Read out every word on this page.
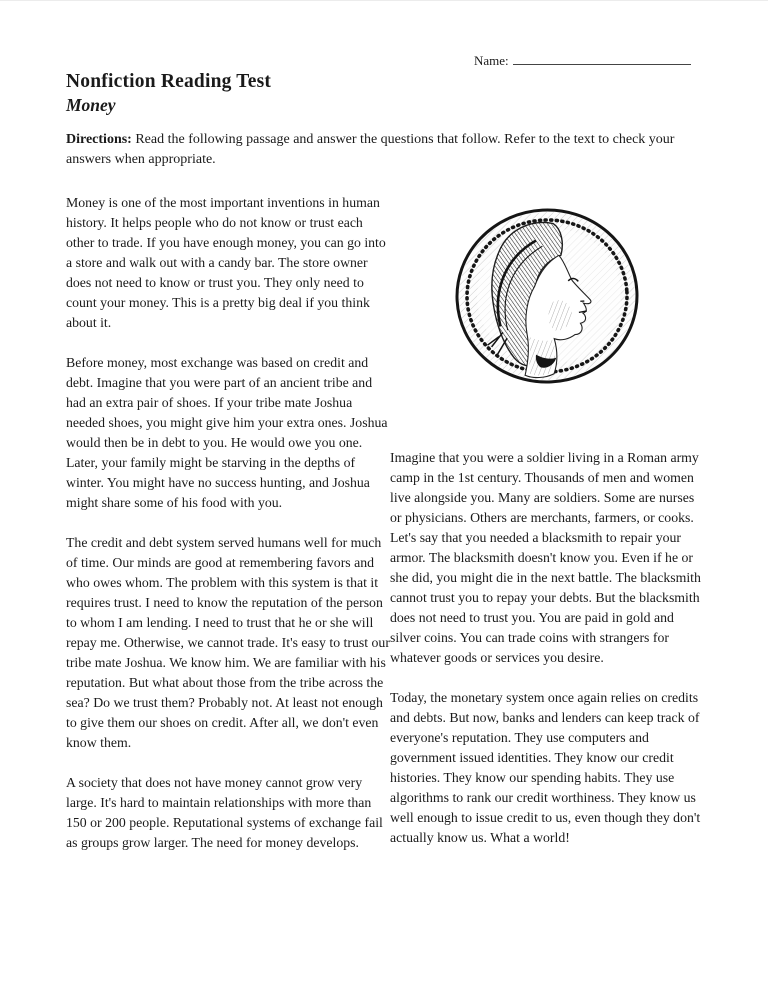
Name:
Nonfiction Reading Test
Money

Directions: Read the following passage and answer the questions that follow. Refer to the text to check your answers when appropriate.

Money is one of the most important inventions in human history. It helps people who do not know or trust each other to trade. If you have enough money, you can go into a store and walk out with a candy bar. The store owner does not need to know or trust you. They only need to count your money. This is a pretty big deal if you think about it.

Before money, most exchange was based on credit and debt. Imagine that you were part of an ancient tribe and had an extra pair of shoes. If your tribe mate Joshua needed shoes, you might give him your extra ones. Joshua would then be in debt to you. He would owe you one. Later, your family might be starving in the depths of winter. You might have no success hunting, and Joshua might share some of his food with you.

The credit and debt system served humans well for much of time. Our minds are good at remembering favors and who owes whom. The problem with this system is that it requires trust. I need to know the reputation of the person to whom I am lending. I need to trust that he or she will repay me. Otherwise, we cannot trade. It's easy to trust our tribe mate Joshua. We know him. We are familiar with his reputation. But what about those from the tribe across the sea? Do we trust them? Probably not. At least not enough to give them our shoes on credit. After all, we don't even know them.

A society that does not have money cannot grow very large. It's hard to maintain relationships with more than 150 or 200 people. Reputational systems of exchange fail as groups grow larger. The need for money develops.

Imagine that you were a soldier living in a Roman army camp in the 1st century. Thousands of men and women live alongside you. Many are soldiers. Some are nurses or physicians. Others are merchants, farmers, or cooks. Let's say that you needed a blacksmith to repair your armor. The blacksmith doesn't know you. Even if he or she did, you might die in the next battle. The blacksmith cannot trust you to repay your debts. But the blacksmith does not need to trust you. You are paid in gold and silver coins. You can trade coins with strangers for whatever goods or services you desire.

Today, the monetary system once again relies on credits and debts. But now, banks and lenders can keep track of everyone's reputation. They use computers and government issued identities. They know our credit histories. They know our spending habits. They use algorithms to rank our credit worthiness. They know us well enough to issue credit to us, even though they don't actually know us. What a world!
